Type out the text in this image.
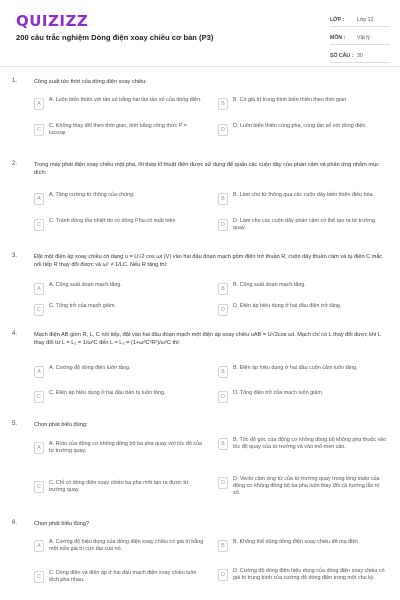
QUIZIZZ
200 câu trắc nghiệm Dòng điện xoay chiều cơ bản (P3)
LỚP :	Lớp 12
MÔN :	Vật lý
SỐ CÂU : 30
1.	Công suất tức thời của dòng điện xoay chiều:
A
A. Luôn biến thiên với tần số bằng hai lần tần số của dòng điện.
B
B. Có giá trị trung bình biến thiên theo thời gian
C
C. Không thay đổi theo thời gian, tính bằng công thức P = Iucosφ
D
D. Luôn biến thiên cùng pha, cùng tần số với dòng điện.
2.	Trong máy phát điện xoay chiều một pha, lõi thép kĩ thuật điện được sử dụng để quấn các cuộn dây của phần cảm và phần ứng nhằm mục đích:
A
A. Tăng cường từ thông của chúng.
B
B. Làm cho từ thông qua các cuộn dây biến thiên điều hòa
C
C. Tránh dòng tỏa nhiệt do có dòng Phu-cô xuất hiện
D
D. Làm cho các cuộn dây phần cảm có thể tạo ra từ trường quay.
3.	Đặt một điện áp xoay chiều có dạng u = U√2 cos ωt (V) vào hai đầu đoạn mạch gồm điện trở thuần R, cuộn dây thuần cảm và tụ điện C mắc nối tiếp R thay đổi được và ω² ≠ 1/LC. Nếu R tăng thì:
A
A. Công suất đoạn mạch tăng.
B
B. Công suất đoạn mạch tăng.
C
C. Tổng trở của mạch giảm.
D
D. Điện áp hiệu dụng ở hai đầu điện trở tăng.
4.	Mạch điện AB gồm R, L, C nối tiếp, đặt vào hai đầu đoạn mạch một điện áp xoay chiều uAB = U√2cos ωt. Mạch chỉ có L thay đổi được khi L thay đổi từ L = L₁ = 1/ω²C đến L = L₂ = (1+ω²C²R²)/ω²C thì:
A
A. Cường độ dòng điện luôn tăng.
B
B. Điện áp hiệu dụng ở hai đầu cuộn cảm luôn tăng.
C
C. Điện áp hiệu dụng ở hai đầu bản tụ luôn tăng.
D
D. Tổng điện trở của mạch luôn giảm.
5.	Chọn phát biểu đúng:
A
A. Roto của động cơ không đồng bộ ba pha quay với tốc độ của từ trường quay.
B
B. Tốc độ góc của động cơ không đồng bộ không phụ thuộc vào tốc độ quay của từ trường và vào mô-men cản.
C
C. Chỉ có dòng điện xoay chiều ba pha mới tạo ra được từ trường quay.
D
D. Vecto cảm ứng từ của từ trường quay trong lòng stato của động cơ không đồng bộ ba pha luôn thay đổi cả hướng lẫn trị số.
6.	Chọn phát biểu đúng?
A
A. Cường độ hiệu dụng của dòng điện xoay chiều có giá trị bằng một nửa giá trị cực đại của nó.
B
B. Không thể dùng dòng điện xoay chiều để mạ điện.
C
C. Dòng điện và điện áp ở hai đầu mạch điện xoay chiều luôn lệch pha nhau.
D
D. Cường độ dòng điện hiệu dụng của dòng điện xoay chiều có giá trị trung bình của cường độ dòng điện trong một chu kỳ.
